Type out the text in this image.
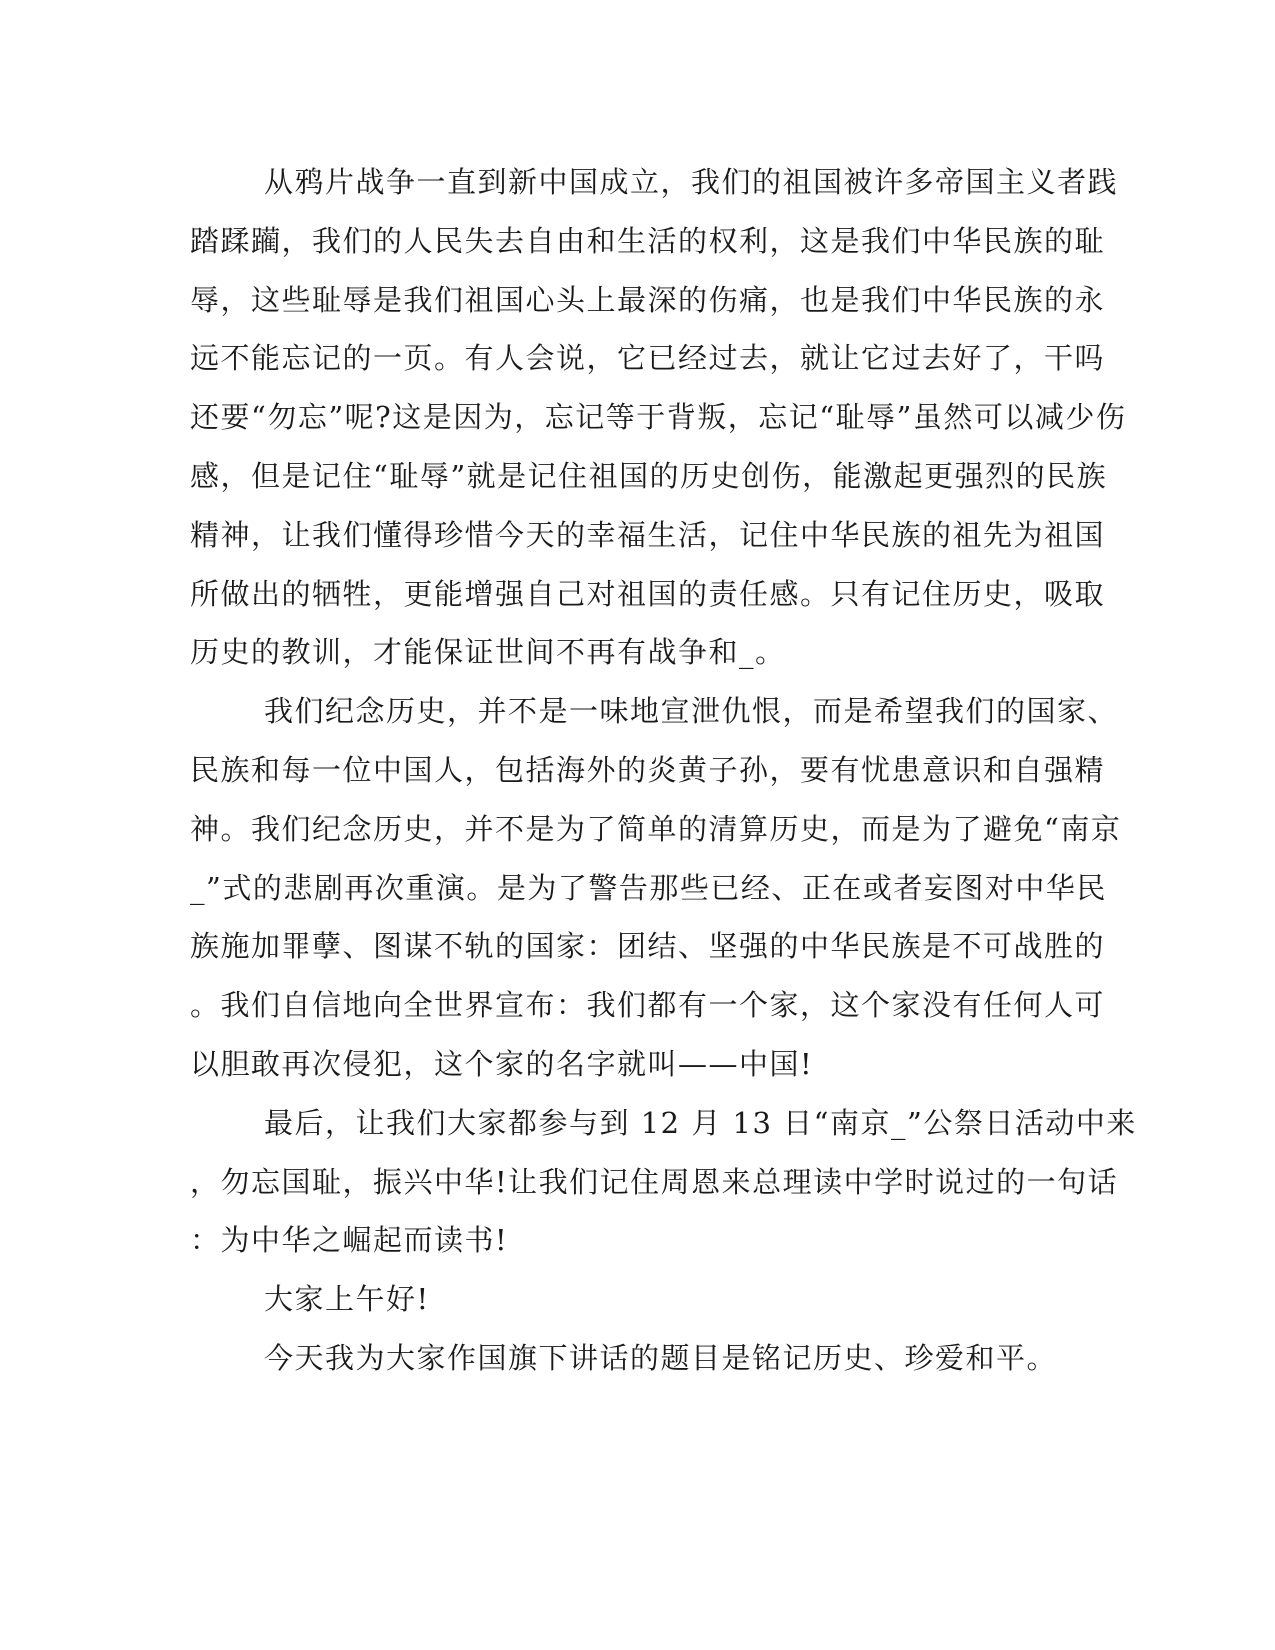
从鸦片战争一直到新中国成立，我们的祖国被许多帝国主义者践
踏蹂躏，我们的人民失去自由和生活的权利，这是我们中华民族的耻
辱，这些耻辱是我们祖国心头上最深的伤痛，也是我们中华民族的永
远不能忘记的一页。有人会说，它已经过去，就让它过去好了，干吗
还要“勿忘”呢?这是因为，忘记等于背叛，忘记“耻辱”虽然可以减少伤
感，但是记住“耻辱”就是记住祖国的历史创伤，能激起更强烈的民族
精神，让我们懂得珍惜今天的幸福生活，记住中华民族的祖先为祖国
所做出的牺牲，更能增强自己对祖国的责任感。只有记住历史，吸取
历史的教训，才能保证世间不再有战争和_。
我们纪念历史，并不是一味地宣泄仇恨，而是希望我们的国家、
民族和每一位中国人，包括海外的炎黄子孙，要有忧患意识和自强精
神。我们纪念历史，并不是为了简单的清算历史，而是为了避免“南京
_”式的悲剧再次重演。是为了警告那些已经、正在或者妄图对中华民
族施加罪孽、图谋不轨的国家：团结、坚强的中华民族是不可战胜的
。我们自信地向全世界宣布：我们都有一个家，这个家没有任何人可
以胆敢再次侵犯，这个家的名字就叫——中国!
最后，让我们大家都参与到 12 月 13 日“南京_”公祭日活动中来
，勿忘国耻，振兴中华!让我们记住周恩来总理读中学时说过的一句话
：为中华之崛起而读书!
大家上午好!
今天我为大家作国旗下讲话的题目是铭记历史、珍爱和平。
